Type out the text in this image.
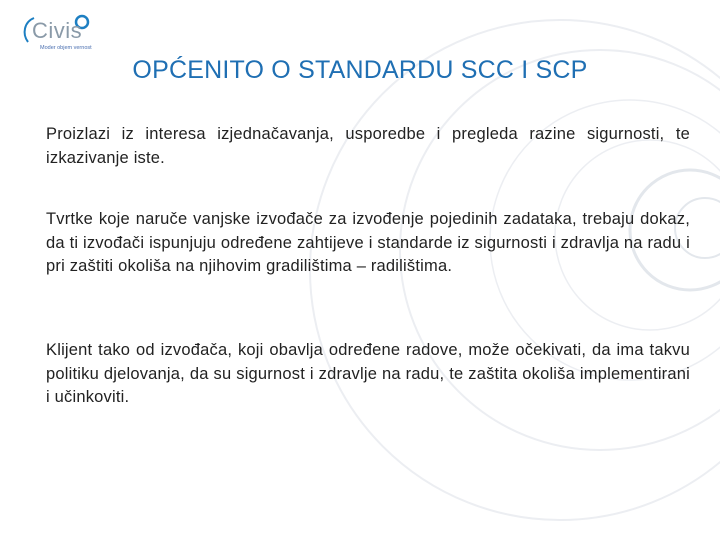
Civis
Moder objem vernost
OPĆENITO O STANDARDU SCC I SCP
Proizlazi iz interesa izjednačavanja, usporedbe i pregleda razine sigurnosti, te izkazivanje iste.
Tvrtke koje naruče vanjske izvođače za izvođenje pojedinih zadataka, trebaju dokaz, da ti izvođači ispunjuju određene zahtijeve i standarde iz sigurnosti i zdravlja na radu i pri zaštiti okoliša na njihovim gradilištima – radilištima.
Klijent tako od izvođača, koji obavlja određene radove, može očekivati, da ima takvu politiku djelovanja, da su sigurnost i zdravlje na radu, te zaštita okoliša implementirani i učinkoviti.
